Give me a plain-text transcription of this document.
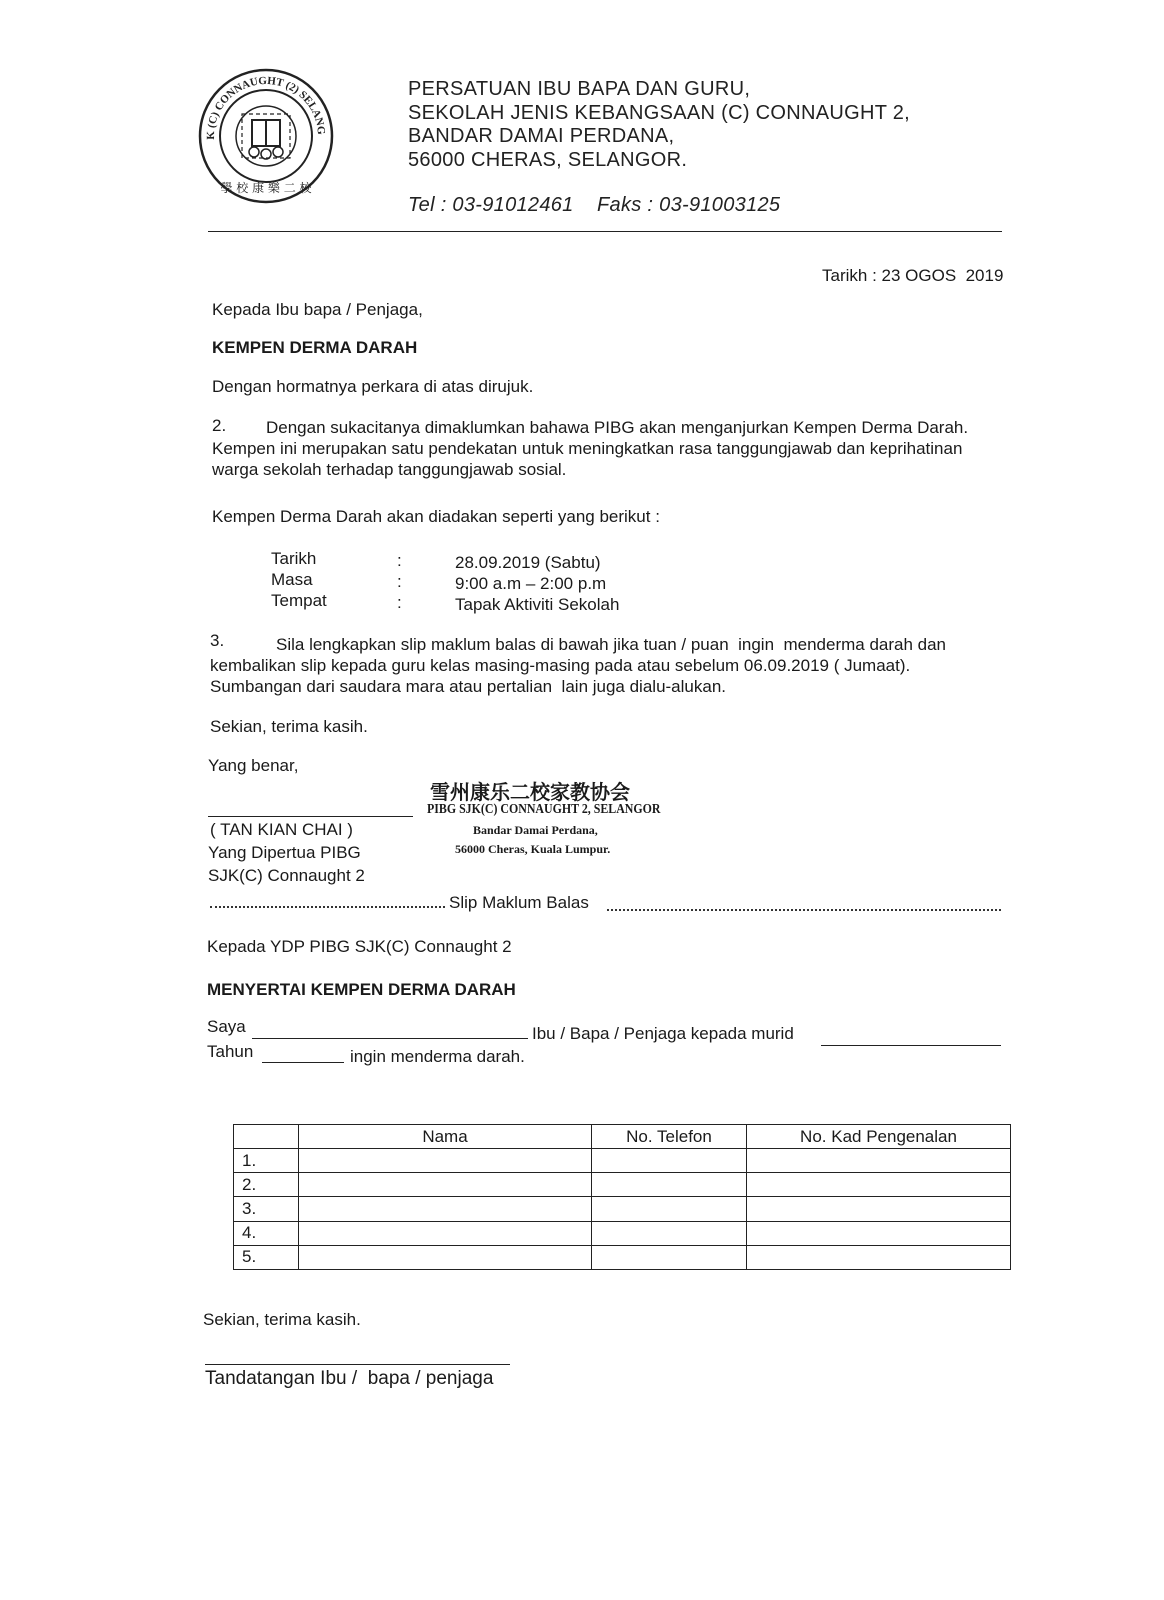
K (C) CONNAUGHT (2) SELANG
學 校 康 樂 二 校
PERSATUAN IBU BAPA DAN GURU,
SEKOLAH JENIS KEBANGSAAN (C) CONNAUGHT 2,
BANDAR DAMAI PERDANA,
56000 CHERAS, SELANGOR.
Tel : 03-91012461    Faks : 03-91003125
Tarikh : 23 OGOS  2019
Kepada Ibu bapa / Penjaga,
KEMPEN DERMA DARAH
Dengan hormatnya perkara di atas dirujuk.
2. Dengan sukacitanya dimaklumkan bahawa PIBG akan menganjurkan Kempen Derma Darah.
Kempen ini merupakan satu pendekatan untuk meningkatkan rasa tanggungjawab dan keprihatinan
warga sekolah terhadap tanggungjawab sosial.
Kempen Derma Darah akan diadakan seperti yang berikut :
Tarikh	:	28.09.2019 (Sabtu)
Masa	:	9:00 a.m – 2:00 p.m
Tempat	:	Tapak Aktiviti Sekolah
3.	Sila lengkapkan slip maklum balas di bawah jika tuan / puan  ingin  menderma darah dan
kembalikan slip kepada guru kelas masing-masing pada atau sebelum 06.09.2019 ( Jumaat).
Sumbangan dari saudara mara atau pertalian  lain juga dialu-alukan.
Sekian, terima kasih.
Yang benar,
( TAN KIAN CHAI )
Yang Dipertua PIBG
SJK(C) Connaught 2
雪州康乐二校家教协会
PIBG SJK(C) CONNAUGHT 2, SELANGOR
Bandar Damai Perdana,
56000 Cheras, Kuala Lumpur.
Slip Maklum Balas
Kepada YDP PIBG SJK(C) Connaught 2
MENYERTAI KEMPEN DERMA DARAH
Saya	Ibu / Bapa / Penjaga kepada murid
Tahun	ingin menderma darah.
	Nama	No. Telefon	No. Kad Pengenalan
1.			
2.			
3.			
4.			
5.			
Sekian, terima kasih.
Tandatangan Ibu /  bapa / penjaga
